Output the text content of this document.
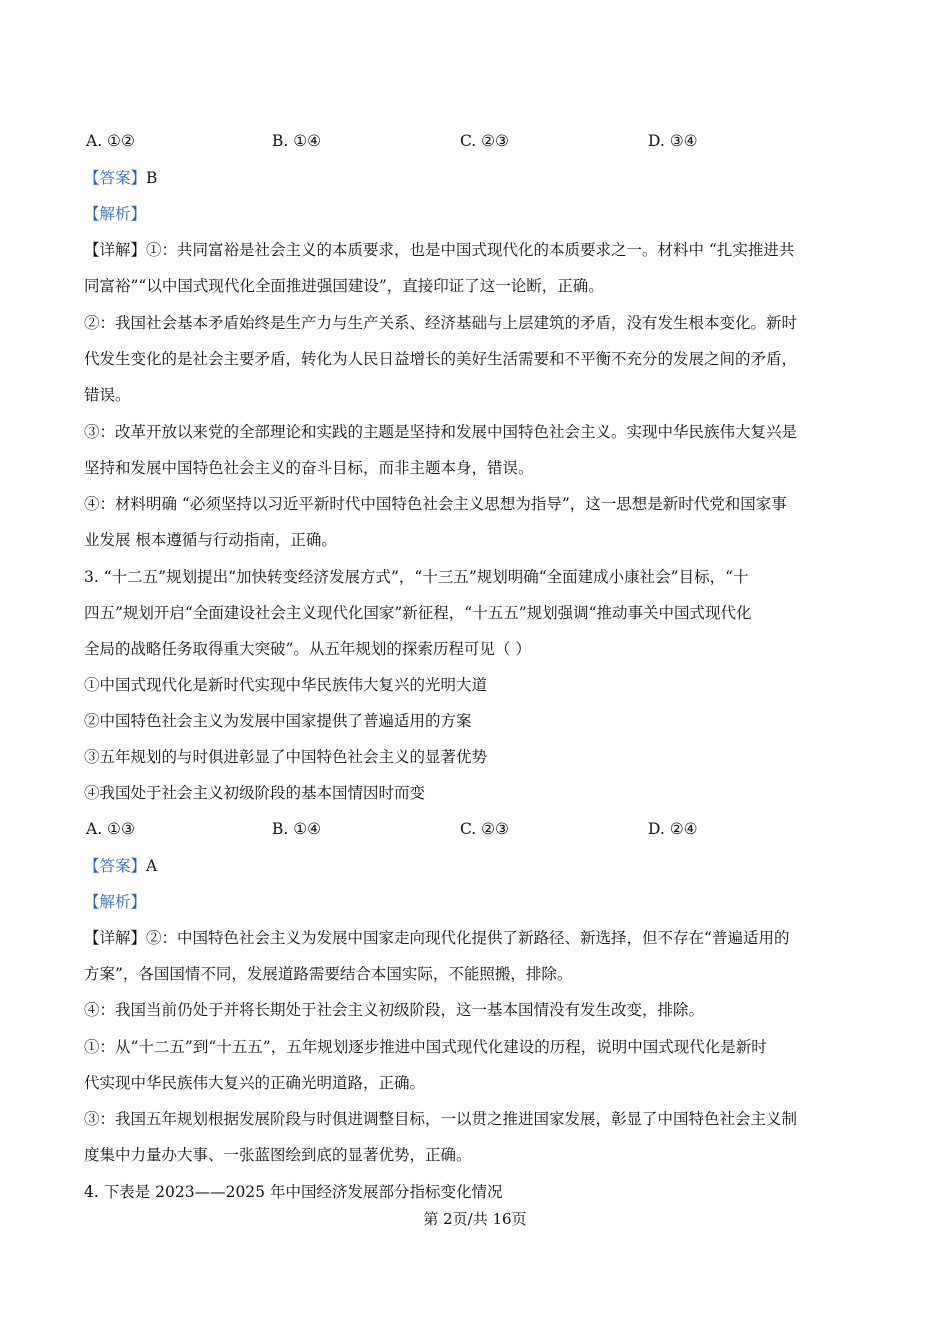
A. ①②	B. ①④	C. ②③	D. ③④
【答案】B
【解析】
【详解】①：共同富裕是社会主义的本质要求，也是中国式现代化的本质要求之一。材料中 “扎实推进共
同富裕”“以中国式现代化全面推进强国建设”，直接印证了这一论断，正确。
②：我国社会基本矛盾始终是生产力与生产关系、经济基础与上层建筑的矛盾，没有发生根本变化。新时
代发生变化的是社会主要矛盾，转化为人民日益增长的美好生活需要和不平衡不充分的发展之间的矛盾，
错误。
③：改革开放以来党的全部理论和实践的主题是坚持和发展中国特色社会主义。实现中华民族伟大复兴是
坚持和发展中国特色社会主义的奋斗目标，而非主题本身，错误。
④：材料明确 “必须坚持以习近平新时代中国特色社会主义思想为指导”，这一思想是新时代党和国家事
业发展 根本遵循与行动指南，正确。
3. “十二五”规划提出“加快转变经济发展方式”，“十三五”规划明确“全面建成小康社会”目标，“十
四五”规划开启“全面建设社会主义现代化国家”新征程，“十五五”规划强调“推动事关中国式现代化
全局的战略任务取得重大突破”。从五年规划的探索历程可见（ ）
①中国式现代化是新时代实现中华民族伟大复兴的光明大道
②中国特色社会主义为发展中国家提供了普遍适用的方案
③五年规划的与时俱进彰显了中国特色社会主义的显著优势
④我国处于社会主义初级阶段的基本国情因时而变
A. ①③	B. ①④	C. ②③	D. ②④
【答案】A
【解析】
【详解】②：中国特色社会主义为发展中国家走向现代化提供了新路径、新选择，但不存在“普遍适用的
方案”，各国国情不同，发展道路需要结合本国实际，不能照搬，排除。
④：我国当前仍处于并将长期处于社会主义初级阶段，这一基本国情没有发生改变，排除。
①：从“十二五”到“十五五”，五年规划逐步推进中国式现代化建设的历程，说明中国式现代化是新时
代实现中华民族伟大复兴的正确光明道路，正确。
③：我国五年规划根据发展阶段与时俱进调整目标，一以贯之推进国家发展，彰显了中国特色社会主义制
度集中力量办大事、一张蓝图绘到底的显著优势，正确。
4. 下表是 2023——2025 年中国经济发展部分指标变化情况
第 2页/共 16页
